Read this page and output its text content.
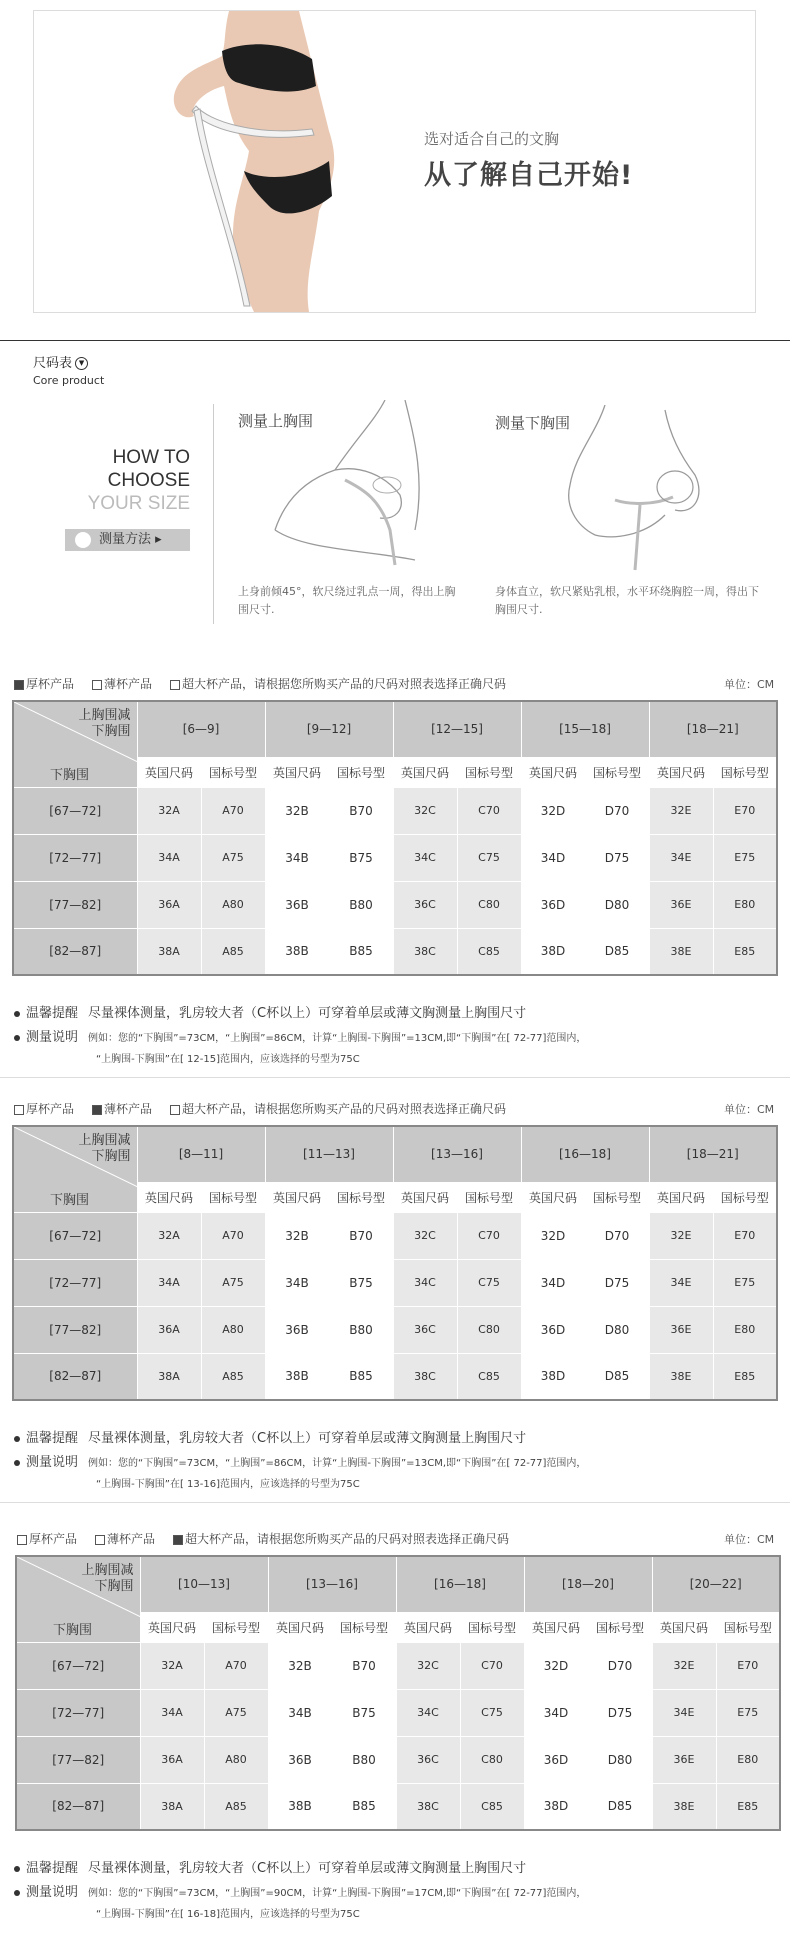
选对适合自己的文胸
从了解自己开始!
尺码表 ▼
Core product
HOW TO
CHOOSE
YOUR SIZE
测量方法 ▸
测量上胸围
上身前倾45°，软尺绕过乳点一周，得出上胸围尺寸.
测量下胸围
身体直立，软尺紧贴乳根，水平环绕胸腔一周，得出下胸围尺寸.
厚杯产品	薄杯产品	超大杯产品，请根据您所购买产品的尺码对照表选择正确尺码	单位：CM
上胸围减
下胸围
下胸围	[6—9]		[9—12]		[12—15]		[15—18]		[18—21]	
	英国尺码	国标号型	英国尺码	国标号型	英国尺码	国标号型	英国尺码	国标号型	英国尺码	国标号型
[67—72]	32A	A70	32B	B70	32C	C70	32D	D70	32E	E70
[72—77]	34A	A75	34B	B75	34C	C75	34D	D75	34E	E75
[77—82]	36A	A80	36B	B80	36C	C80	36D	D80	36E	E80
[82—87]	38A	A85	38B	B85	38C	C85	38D	D85	38E	E85
温馨提醒 尽量裸体测量，乳房较大者（C杯以上）可穿着单层或薄文胸测量上胸围尺寸
测量说明 例如：您的“下胸围”=73CM，“上胸围”=86CM，计算“上胸围-下胸围”=13CM,即“下胸围”在[ 72-77]范围内，
“上胸围-下胸围”在[ 12-15]范围内，应该选择的号型为75C
厚杯产品	薄杯产品	超大杯产品，请根据您所购买产品的尺码对照表选择正确尺码	单位：CM
上胸围减
下胸围
下胸围	[8—11]		[11—13]		[13—16]		[16—18]		[18—21]	
	英国尺码	国标号型	英国尺码	国标号型	英国尺码	国标号型	英国尺码	国标号型	英国尺码	国标号型
[67—72]	32A	A70	32B	B70	32C	C70	32D	D70	32E	E70
[72—77]	34A	A75	34B	B75	34C	C75	34D	D75	34E	E75
[77—82]	36A	A80	36B	B80	36C	C80	36D	D80	36E	E80
[82—87]	38A	A85	38B	B85	38C	C85	38D	D85	38E	E85
温馨提醒 尽量裸体测量，乳房较大者（C杯以上）可穿着单层或薄文胸测量上胸围尺寸
测量说明 例如：您的“下胸围”=73CM，“上胸围”=86CM，计算“上胸围-下胸围”=13CM,即“下胸围”在[ 72-77]范围内，
“上胸围-下胸围”在[ 13-16]范围内，应该选择的号型为75C
厚杯产品	薄杯产品	超大杯产品，请根据您所购买产品的尺码对照表选择正确尺码	单位：CM
上胸围减
下胸围
下胸围	[10—13]		[13—16]		[16—18]		[18—20]		[20—22]	
	英国尺码	国标号型	英国尺码	国标号型	英国尺码	国标号型	英国尺码	国标号型	英国尺码	国标号型
[67—72]	32A	A70	32B	B70	32C	C70	32D	D70	32E	E70
[72—77]	34A	A75	34B	B75	34C	C75	34D	D75	34E	E75
[77—82]	36A	A80	36B	B80	36C	C80	36D	D80	36E	E80
[82—87]	38A	A85	38B	B85	38C	C85	38D	D85	38E	E85
温馨提醒 尽量裸体测量，乳房较大者（C杯以上）可穿着单层或薄文胸测量上胸围尺寸
测量说明 例如：您的“下胸围”=73CM，“上胸围”=90CM，计算“上胸围-下胸围”=17CM,即“下胸围”在[ 72-77]范围内，
“上胸围-下胸围”在[ 16-18]范围内，应该选择的号型为75C
